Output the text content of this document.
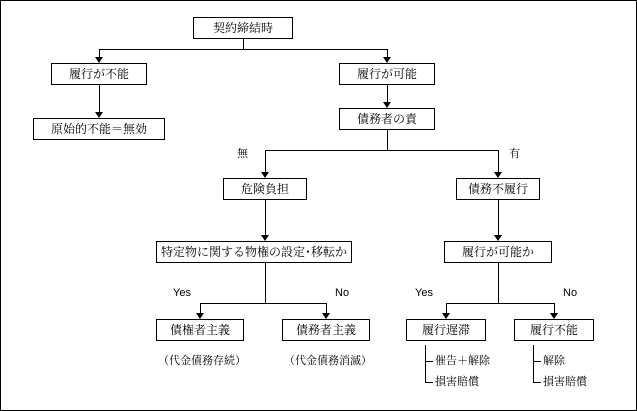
契約締結時
履行が不能	履行が可能
原始的不能＝無効
債務者の責
危険負担	債務不履行
特定物に関する物権の設定･移転か	履行が可能か
債権者主義	債務者主義	履行遅滞	履行不能
無	有
Yes	No	Yes	No
（代金債務存続）	（代金債務消滅）	催告＋解除
損害賠償
解除
損害賠償
